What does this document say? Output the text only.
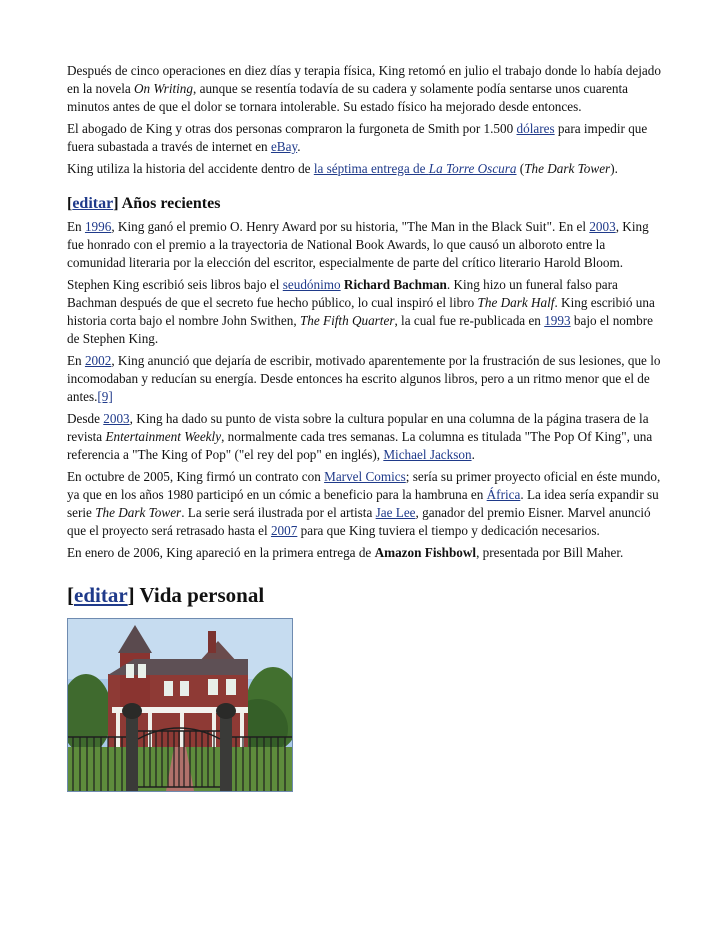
Después de cinco operaciones en diez días y terapia física, King retomó en julio el trabajo donde lo había dejado en la novela On Writing, aunque se resentía todavía de su cadera y solamente podía sentarse unos cuarenta minutos antes de que el dolor se tornara intolerable. Su estado físico ha mejorado desde entonces.

El abogado de King y otras dos personas compraron la furgoneta de Smith por 1.500 dólares para impedir que fuera subastada a través de internet en eBay.

King utiliza la historia del accidente dentro de la séptima entrega de La Torre Oscura (The Dark Tower).

[editar] Años recientes

En 1996, King ganó el premio O. Henry Award por su historia, "The Man in the Black Suit". En el 2003, King fue honrado con el premio a la trayectoria de National Book Awards, lo que causó un alboroto entre la comunidad literaria por la elección del escritor, especialmente de parte del crítico literario Harold Bloom.

Stephen King escribió seis libros bajo el seudónimo Richard Bachman. King hizo un funeral falso para Bachman después de que el secreto fue hecho público, lo cual inspiró el libro The Dark Half. King escribió una historia corta bajo el nombre John Swithen, The Fifth Quarter, la cual fue re-publicada en 1993 bajo el nombre de Stephen King.

En 2002, King anunció que dejaría de escribir, motivado aparentemente por la frustración de sus lesiones, que lo incomodaban y reducían su energía. Desde entonces ha escrito algunos libros, pero a un ritmo menor que el de antes.[9]

Desde 2003, King ha dado su punto de vista sobre la cultura popular en una columna de la página trasera de la revista Entertainment Weekly, normalmente cada tres semanas. La columna es titulada "The Pop Of King", una referencia a "The King of Pop" ("el rey del pop" en inglés), Michael Jackson.

En octubre de 2005, King firmó un contrato con Marvel Comics; sería su primer proyecto oficial en éste mundo, ya que en los años 1980 participó en un cómic a beneficio para la hambruna en África. La idea sería expandir su serie The Dark Tower. La serie será ilustrada por el artista Jae Lee, ganador del premio Eisner. Marvel anunció que el proyecto será retrasado hasta el 2007 para que King tuviera el tiempo y dedicación necesarios.

En enero de 2006, King apareció en la primera entrega de Amazon Fishbowl, presentada por Bill Maher.

[editar] Vida personal
